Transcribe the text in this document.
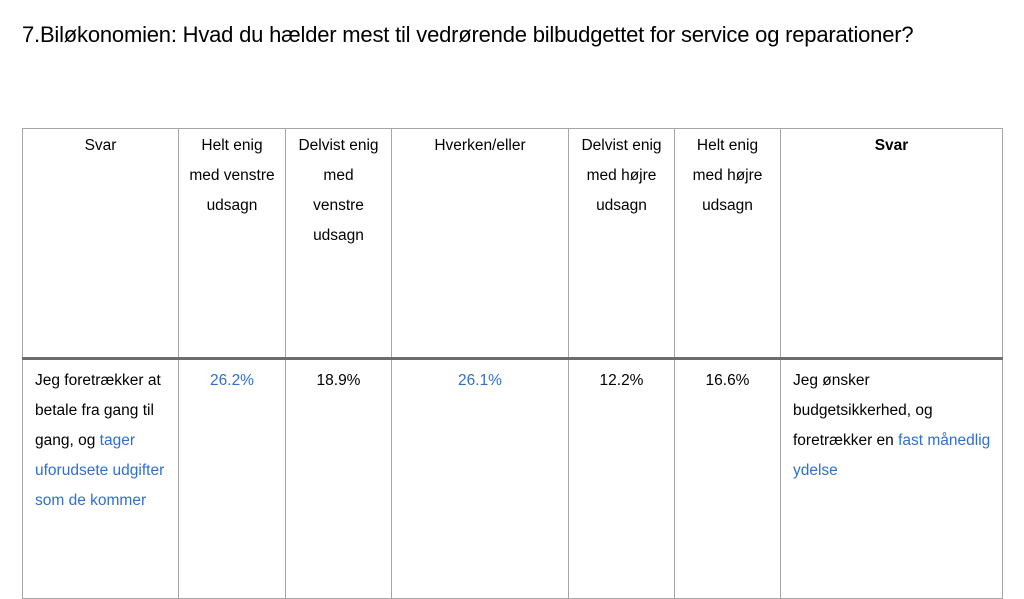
7.Biløkonomien: Hvad du hælder mest til vedrørende bilbudgettet for service og reparationer?
Svar	Helt enig med venstre udsagn	Delvist enig med venstre udsagn	Hverken/eller	Delvist enig med højre udsagn	Helt enig med højre udsagn	Svar
Jeg foretrækker at betale fra gang til gang, og tager uforudsete udgifter som de kommer	26.2%	18.9%	26.1%	12.2%	16.6%	Jeg ønsker budgetsikkerhed, og foretrækker en fast månedlig ydelse
